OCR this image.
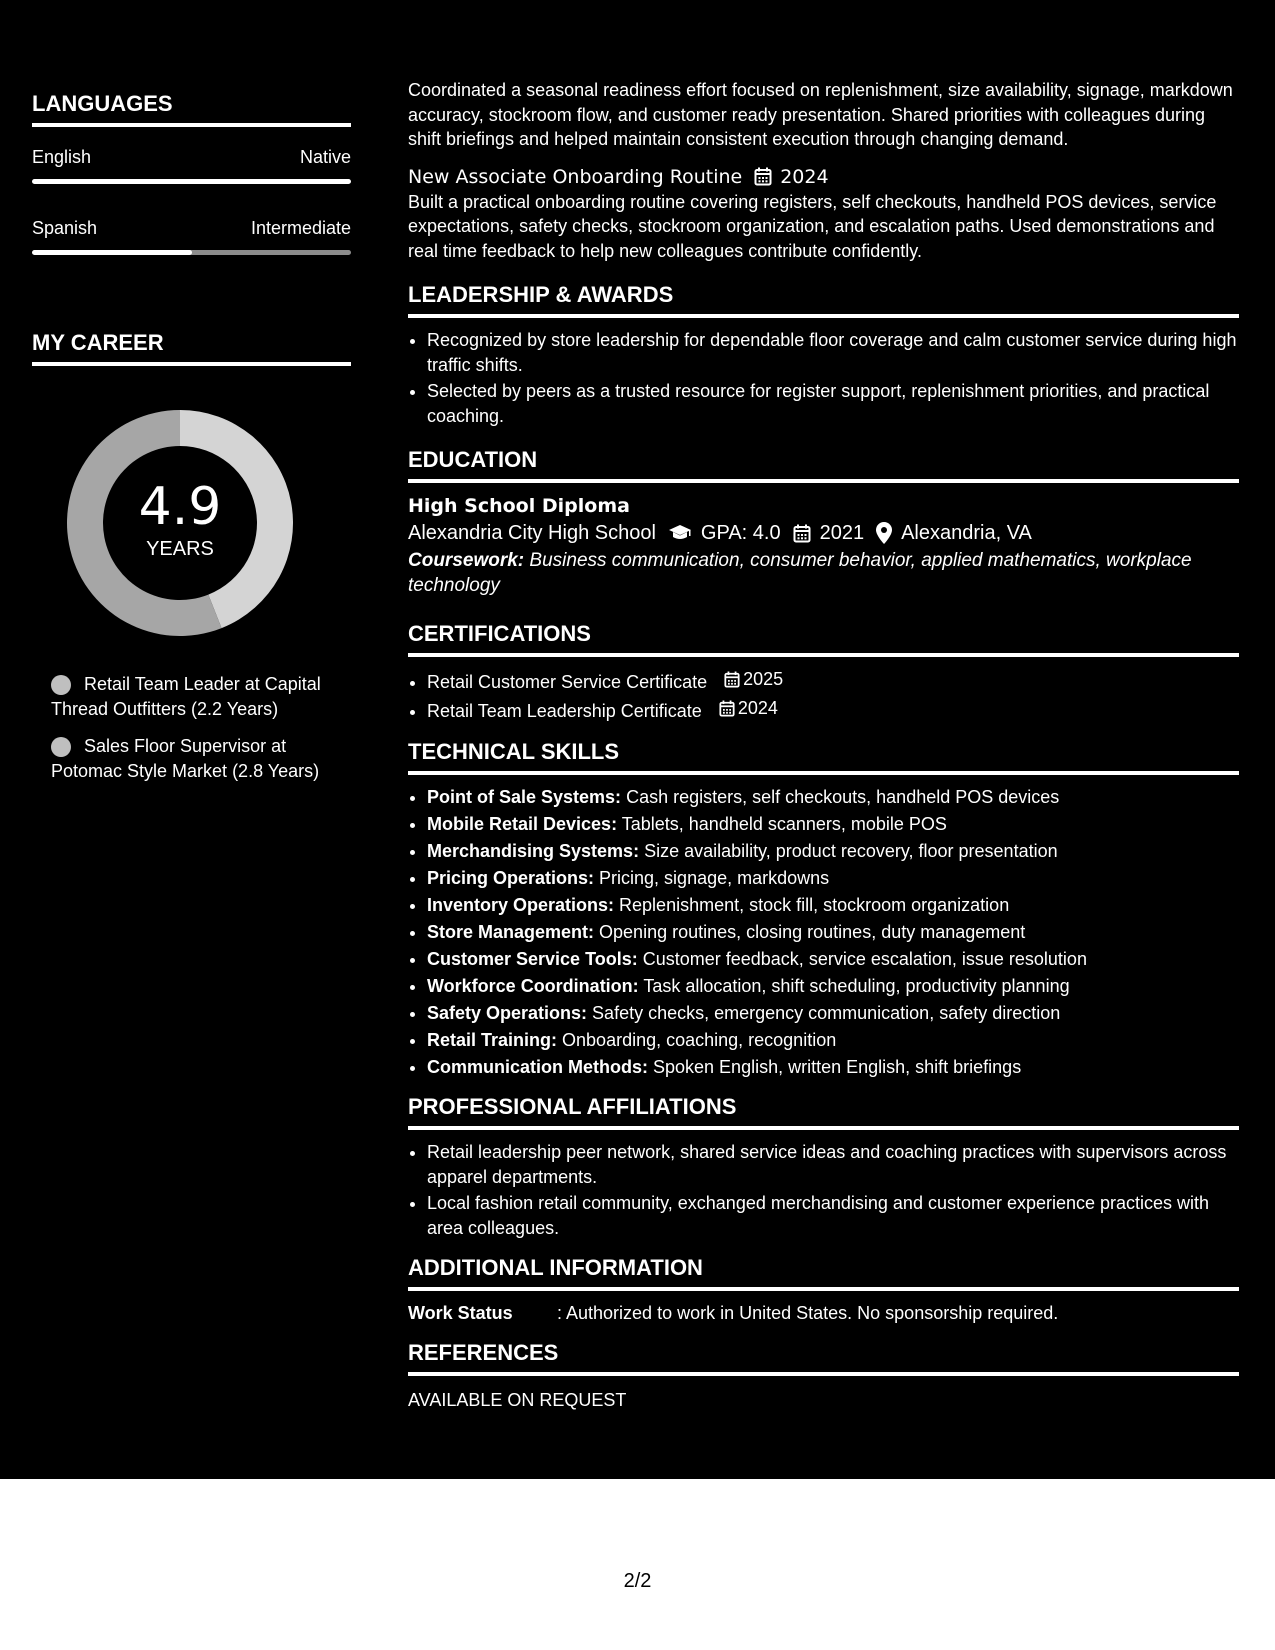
LANGUAGES
English	Native
Spanish	Intermediate
MY CAREER
4.9
YEARS
Retail Team Leader at Capital Thread Outfitters (2.2 Years)
Sales Floor Supervisor at Potomac Style Market (2.8 Years)

Coordinated a seasonal readiness effort focused on replenishment, size availability, signage, markdown accuracy, stockroom flow, and customer ready presentation. Shared priorities with colleagues during shift briefings and helped maintain consistent execution through changing demand.

New Associate Onboarding Routine 2024

Built a practical onboarding routine covering registers, self checkouts, handheld POS devices, service expectations, safety checks, stockroom organization, and escalation paths. Used demonstrations and real time feedback to help new colleagues contribute confidently.

LEADERSHIP & AWARDS
• Recognized by store leadership for dependable floor coverage and calm customer service during high traffic shifts.
• Selected by peers as a trusted resource for register support, replenishment priorities, and practical coaching.
EDUCATION
High School Diploma
Alexandria City High School GPA: 4.0 2021 Alexandria, VA
Coursework: Business communication, consumer behavior, applied mathematics, workplace technology
CERTIFICATIONS
• Retail Customer Service Certificate 2025
• Retail Team Leadership Certificate 2024
TECHNICAL SKILLS
• Point of Sale Systems: Cash registers, self checkouts, handheld POS devices
• Mobile Retail Devices: Tablets, handheld scanners, mobile POS
• Merchandising Systems: Size availability, product recovery, floor presentation
• Pricing Operations: Pricing, signage, markdowns
• Inventory Operations: Replenishment, stock fill, stockroom organization
• Store Management: Opening routines, closing routines, duty management
• Customer Service Tools: Customer feedback, service escalation, issue resolution
• Workforce Coordination: Task allocation, shift scheduling, productivity planning
• Safety Operations: Safety checks, emergency communication, safety direction
• Retail Training: Onboarding, coaching, recognition
• Communication Methods: Spoken English, written English, shift briefings
PROFESSIONAL AFFILIATIONS
• Retail leadership peer network, shared service ideas and coaching practices with supervisors across apparel departments.
• Local fashion retail community, exchanged merchandising and customer experience practices with area colleagues.
ADDITIONAL INFORMATION
Work Status	: Authorized to work in United States. No sponsorship required.
REFERENCES
AVAILABLE ON REQUEST
2/2
